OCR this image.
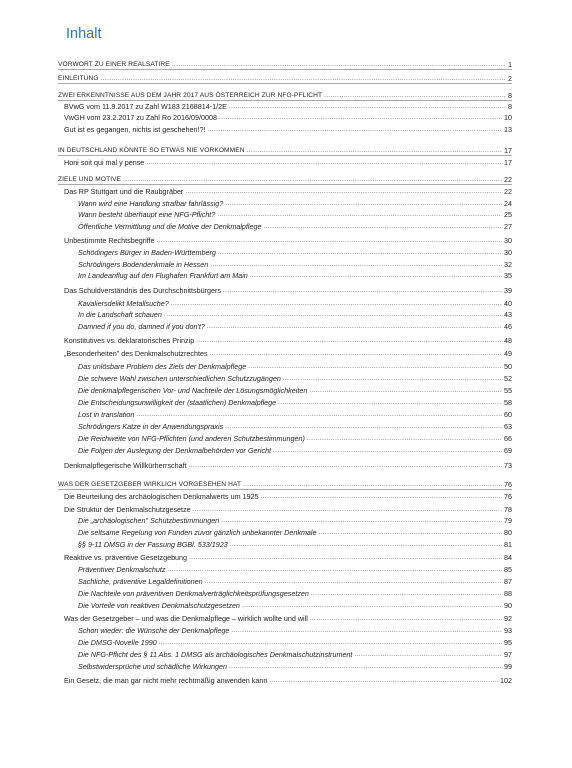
Inhalt
VORWORT ZU EINER REALSATIRE .....	1
EINLEITUNG .....	2
ZWEI ERKENNTNISSE AUS DEM JAHR 2017 AUS ÖSTERREICH ZUR NFG-PFLICHT .....	8
BVwG vom 11.9.2017 zu Zahl W183 2168814-1/2E .....	8
VwGH vom 23.2.2017 zu Zahl Ro 2016/09/0008 .....	10
Gut ist es gegangen, nichts ist geschehen!?! .....	13
IN DEUTSCHLAND KÖNNTE SO ETWAS NIE VORKOMMEN .....	17
Honi soit qui mal y pense .....	17
ZIELE UND MOTIVE .....	22
Das RP Stuttgart und die Raubgräber .....	22
Wann wird eine Handlung strafbar fahrlässig? .....	24
Wann besteht überhaupt eine NFG-Pflicht? .....	25
Öffentliche Vermittlung und die Motive der Denkmalpflege .....	27
Unbestimmte Rechtsbegriffe .....	30
Schödingers Bürger in Baden-Württemberg .....	30
Schrödingers Bodendenkmale in Hessen .....	32
Im Landeanflug auf den Flughafen Frankfurt am Main .....	35
Das Schuldverständnis des Durchschnittsbürgers .....	39
Kavaliersdelikt Metallsuche? .....	40
In die Landschaft schauen .....	43
Damned if you do, damned if you don't? .....	46
Konstitutives vs. deklaratorisches Prinzip .....	48
„Besonderheiten" des Denkmalschutzrechtes .....	49
Das unlösbare Problem des Ziels der Denkmalpflege .....	50
Die schwere Wahl zwischen unterschiedlichen Schutzzugängen .....	52
Die denkmalpflegerischen Vor- und Nachteile der Lösungsmöglichkeiten .....	55
Die Entscheidungsunwilligkeit der (staatlichen) Denkmalpflege .....	58
Lost in translation .....	60
Schrödingers Katze in der Anwendungspraxis .....	63
Die Reichweite von NFG-Pflichten (und anderen Schutzbestimmungen) .....	66
Die Folgen der Auslegung der Denkmalbehörden vor Gericht .....	69
Denkmalpflegerische Willkürherrschaft .....	73
WAS DER GESETZGEBER WIRKLICH VORGESEHEN HAT .....	76
Die Beurteilung des archäologischen Denkmalwerts um 1925 .....	76
Die Struktur der Denkmalschutzgesetze .....	78
Die „archäologischen" Schutzbestimmungen .....	79
Die seltsame Regelung von Funden zuvor gänzlich unbekannter Denkmale .....	80
§§ 9-11 DMSG in der Fassung BGBl. 533/1923 .....	81
Reaktive vs. präventive Gesetzgebung .....	84
Präventiver Denkmalschutz .....	85
Sachliche, präventive Legaldefinitionen .....	87
Die Nachteile von präventiven Denkmalverträglichkeitsprüfungsgesetzen .....	88
Die Vorteile von reaktiven Denkmalschutzgesetzen .....	90
Was der Gesetzgeber – und was die Denkmalpflege – wirklich wollte und will .....	92
Schon wieder: die Wünsche der Denkmalpflege .....	93
Die DMSG-Novelle 1990 .....	95
Die NFG-Pflicht des § 11 Abs. 1 DMSG als archäologisches Denkmalschutzinstrument .....	97
Selbstwidersprüche und schädliche Wirkungen .....	99
Ein Gesetz, die man gar nicht mehr rechtmäßig anwenden kann .....	102
